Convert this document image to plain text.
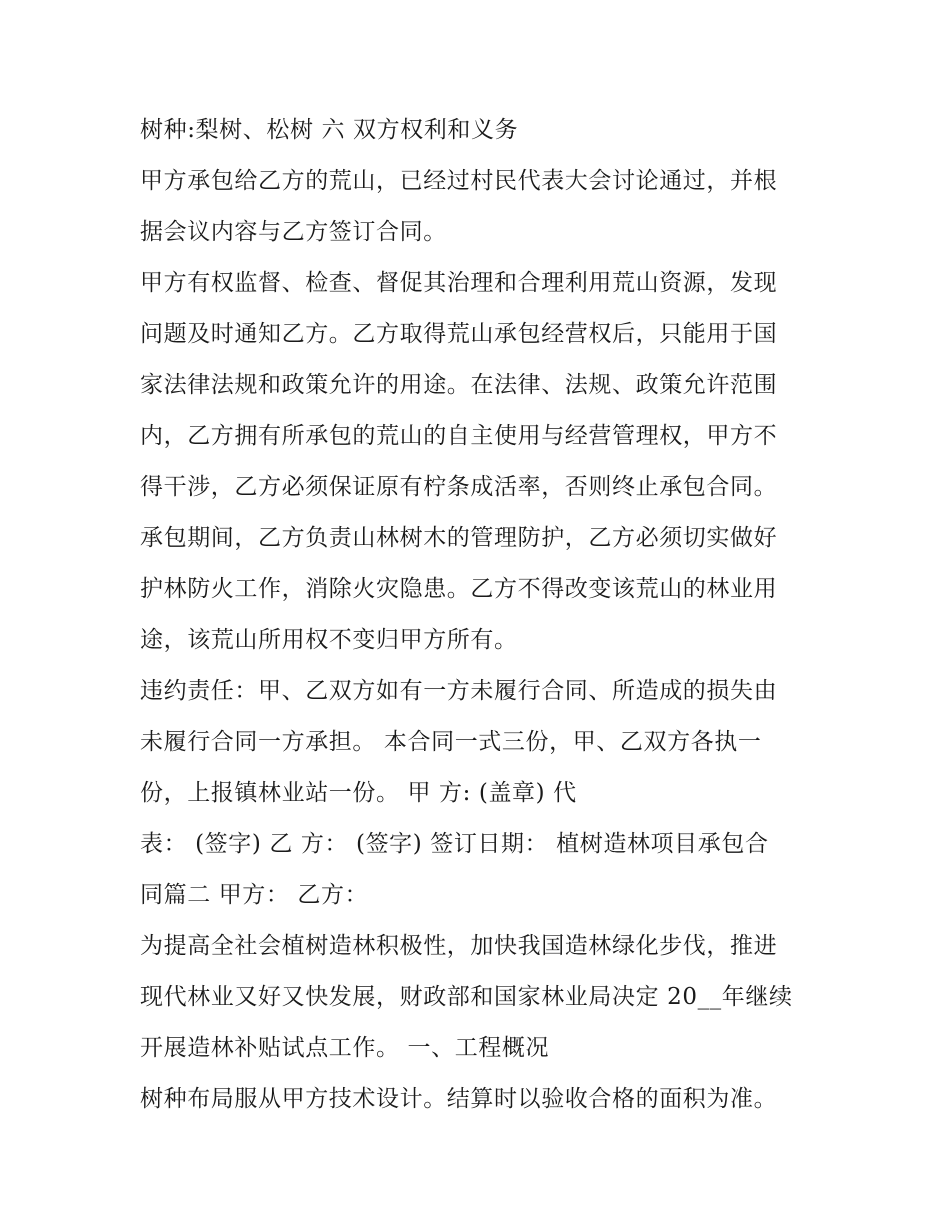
树种:梨树、松树 六 双方权利和义务
甲方承包给乙方的荒山，已经过村民代表大会讨论通过，并根
据会议内容与乙方签订合同。
甲方有权监督、检查、督促其治理和合理利用荒山资源，发现
问题及时通知乙方。乙方取得荒山承包经营权后，只能用于国
家法律法规和政策允许的用途。在法律、法规、政策允许范围
内，乙方拥有所承包的荒山的自主使用与经营管理权，甲方不
得干涉，乙方必须保证原有柠条成活率，否则终止承包合同。
承包期间，乙方负责山林树木的管理防护，乙方必须切实做好
护林防火工作，消除火灾隐患。乙方不得改变该荒山的林业用
途，该荒山所用权不变归甲方所有。
违约责任：甲、乙双方如有一方未履行合同、所造成的损失由
未履行合同一方承担。 本合同一式三份，甲、乙双方各执一
份，上报镇林业站一份。 甲 方: (盖章) 代
表： (签字) 乙 方： (签字) 签订日期： 植树造林项目承包合
同篇二 甲方： 乙方：
为提高全社会植树造林积极性，加快我国造林绿化步伐，推进
现代林业又好又快发展，财政部和国家林业局决定 20__年继续
开展造林补贴试点工作。 一、工程概况
树种布局服从甲方技术设计。结算时以验收合格的面积为准。
